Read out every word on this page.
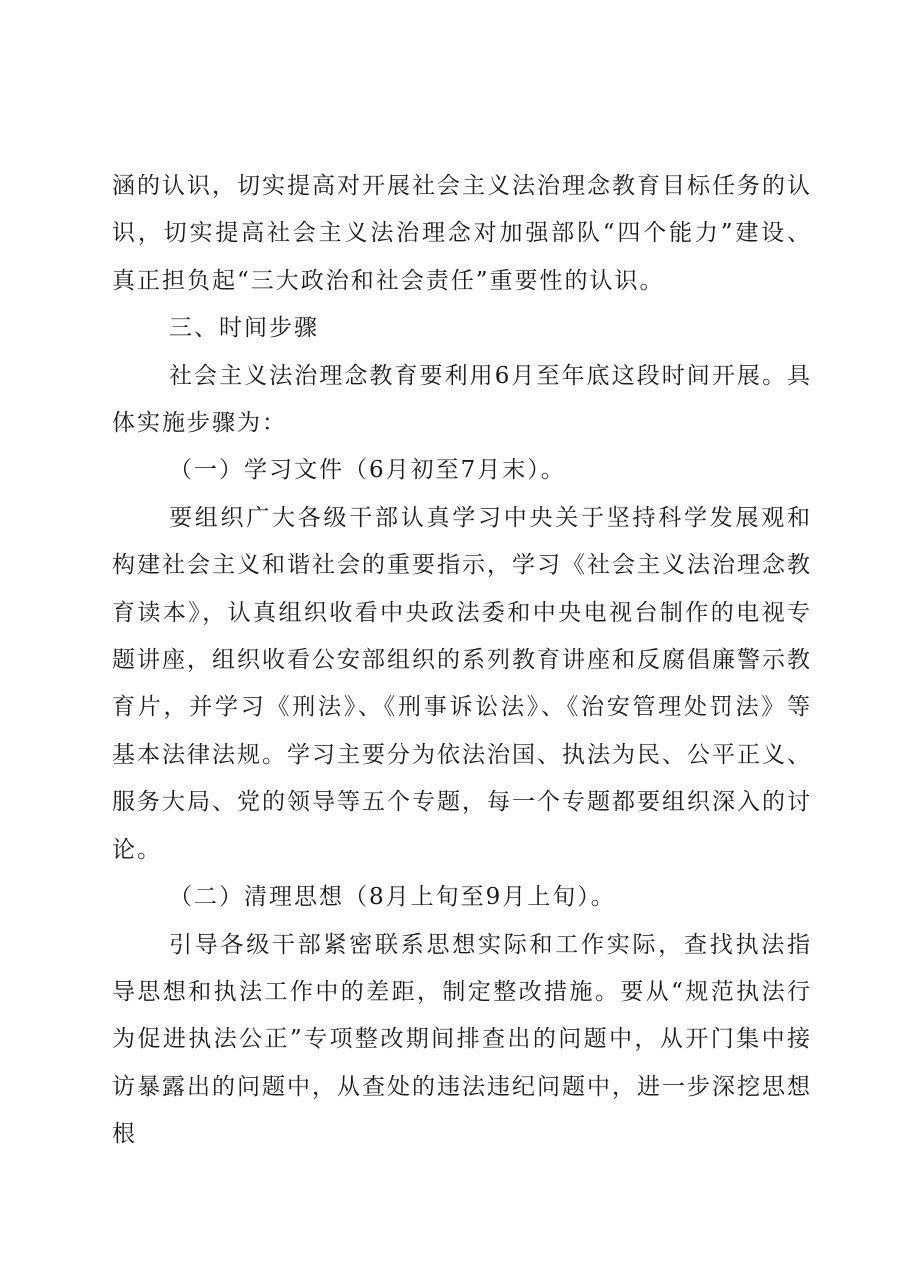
涵的认识，切实提高对开展社会主义法治理念教育目标任务的认识，切实提高社会主义法治理念对加强部队“四个能力”建设、真正担负起“三大政治和社会责任”重要性的认识。

三、时间步骤

社会主义法治理念教育要利用6月至年底这段时间开展。具体实施步骤为：

（一）学习文件（6月初至7月末）。

要组织广大各级干部认真学习中央关于坚持科学发展观和构建社会主义和谐社会的重要指示，学习《社会主义法治理念教育读本》，认真组织收看中央政法委和中央电视台制作的电视专题讲座，组织收看公安部组织的系列教育讲座和反腐倡廉警示教育片，并学习《刑法》、《刑事诉讼法》、《治安管理处罚法》等基本法律法规。学习主要分为依法治国、执法为民、公平正义、服务大局、党的领导等五个专题，每一个专题都要组织深入的讨论。

（二）清理思想（8月上旬至9月上旬）。

引导各级干部紧密联系思想实际和工作实际，查找执法指导思想和执法工作中的差距，制定整改措施。要从“规范执法行为促进执法公正”专项整改期间排查出的问题中，从开门集中接访暴露出的问题中，从查处的违法违纪问题中，进一步深挖思想根
